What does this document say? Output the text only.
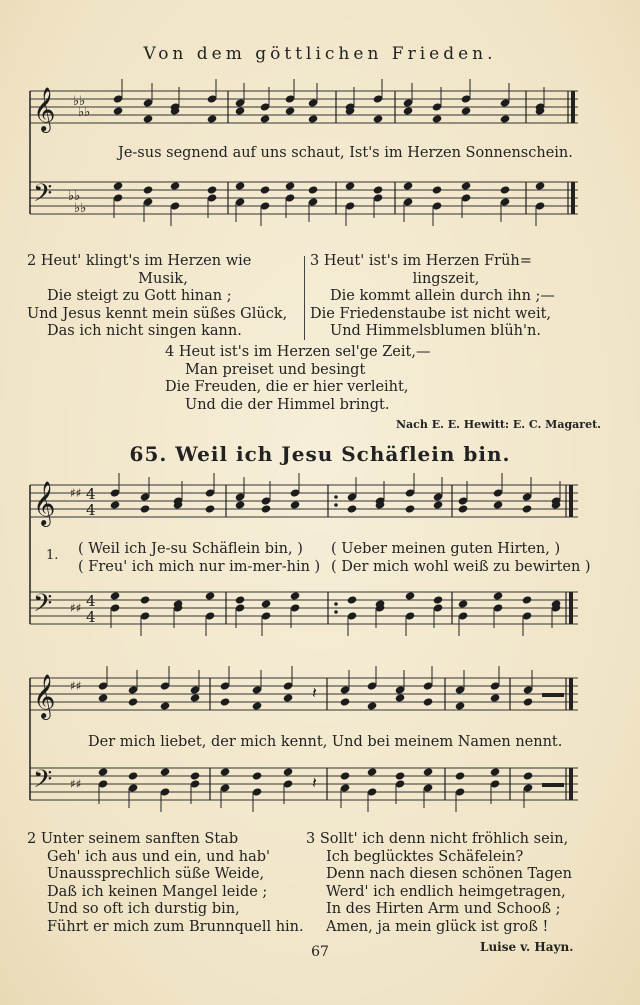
Von dem göttlichen Frieden.
𝄞
𝄢
♭♭
♭♭
♭♭
♭♭
𝄞
𝄢
♯♯
♯♯
4
4
4
4
𝄞
𝄢
♯♯
♯♯
𝄽
𝄽
Je-sus segnend auf uns schaut, Ist's im Herzen Sonnenschein.
2 Heut' klingt's im Herzen wie
Musik,
Die steigt zu Gott hinan ;
Und Jesus kennt mein süßes Glück,
Das ich nicht singen kann.
3 Heut' ist's im Herzen Früh=
lingszeit,
Die kommt allein durch ihn ;—
Die Friedenstaube ist nicht weit,
Und Himmelsblumen blüh'n.
4 Heut ist's im Herzen sel'ge Zeit,—
Man preiset und besingt
Die Freuden, die er hier verleiht,
Und die der Himmel bringt.
Nach E. E. Hewitt: E. C. Magaret.
65. Weil ich Jesu Schäflein bin.
1. ( Weil ich Je-su Schäflein bin, )
( Freu' ich mich nur im-mer-hin )
( Ueber meinen guten Hirten, )
( Der mich wohl weiß zu bewirten )
Der mich liebet, der mich kennt, Und bei meinem Namen nennt.
2 Unter seinem sanften Stab
Geh' ich aus und ein, und hab'
Unaussprechlich süße Weide,
Daß ich keinen Mangel leide ;
Und so oft ich durstig bin,
Führt er mich zum Brunnquell hin.
3 Sollt' ich denn nicht fröhlich sein,
Ich beglücktes Schäfelein?
Denn nach diesen schönen Tagen
Werd' ich endlich heimgetragen,
In des Hirten Arm und Schooß ;
Amen, ja mein glück ist groß !
Luise v. Hayn.
67
